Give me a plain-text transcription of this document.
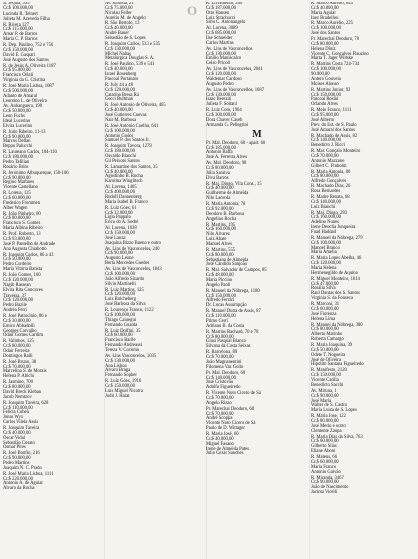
O
Jt. Jequiá, 535
Cr.$ 100.000,00
Lucinda R. Teinert
Julieta M. Azevedo Filha
R. Rivera 127
Cr.$ 115.000,00
Arnar P. de Barros
Maria C. P. Barros
R. Dep. Paulino, 752 e 756
Cr.$ 150.000,00
David E. Gaspari
José Augusto dos Santos
R. de Jesús A. Oliveira 1187
Cr.$ 95.000,00
Francisco Orlali
Virginia da G. Cristina
R. José Maria Lisboa, 1087
Cr.$ 500.000,00
Adanto de Amaral
Leontino L. de Oliveira
Av. Anhanguera, 190
Cr.$ 50.000,00
Leon Fuchs
Ideal Lucerino
Elvira Lucerino
R. Julio Ribeiro, 11-13
Cr.$ 90.000,00
Marcos Dellan
Beppo Palucchi
R. Laureano Carlos, 104-110
Cr.$ 180.000,00
Pedro Tafilian
Rosário Brito
R. Jeronimo Albuquerque, 158-106
Cr.$ 90.000,00
Regino Martines
Vicente Castellano
R. Lorena, 125
Cr.$ 60.000,00
Frederico Frommen
Alber Wagen
R. João Pinheiro, 80
Cr.$ 80.000,00
Francisco S. Gomes
Maria Albina Ribeiro
R. Prof. Roberto, 13
Cr.$ 93.000,00
José P. Pantelho de Andrade
Ana Augusta Chiabotto
R. Joaquim Carlos, 86 a 43
Cr.$ 50.000,00
Pedro Cordeiro
Maria Vitória Batista
R. João Gomes, 160
Cr.$ 120.000,00
Nagib Rassean
Elvira Rita Goncaves
Travessa, 37
Cr.$ 120.000,00
Pedro Bazile
Andréa Ferri
R. José Patrocinio, 86 e
Cr.$ 30.000,00
Emico Abbadolli
Georges Carvalho
Odair Gomes Cardim
R. Valinhos, 125
Cr.$ 80.000,00
Odair Ferreira
Domingos Ralli
R. José Bruno, 38
Cr.$ 70.000,00
Marcelina S. de Morais
Helena P. Abichi
R. Jasmino, 700
Cr.$ 80.000,00
David Breck Kleban
Jacob Nemtzov
R. Joaquim Taveira, 628
Cr.$ 110.000,00
Felicia Cohen
Jonas Wyx
Carlos Vilela Assis
R. Joaquim Taveira
Cr.$ 40.000,00
Oscar Vidal
Sebastião Cosato
Osmar Pires
R. José Bonfin, 216
Cr.$ 90.000,00
Pedro Martins
Joaquim N. C. Prado
R. José Maria Lisboa, 1111
Cr.$ 220.000,00
Antonio A. de Aguiar
Alvaro da Rocha
Av. Juruena, 21
Cr.$ 75.000,00
Nicolau Feller
Aurelio M. de Angelo
R. São Bertolo, 13
Cr.$ 40.000,00
André Bauer
Sebastião de S. Lopes
R. Joaquim Carlos, 533 e 535
Cr.$ 130.000,00
Michel Nahas
Metalurgica Douglas S. A.
R. José Paulino, 539 e 541
Cr.$ 40.000,00
Israel Rosenberg
Pascoal Portanaro
R. July 44 a 48
Cr.$ 120.000,00
Catarina Bresa Rá
Gecci Bultman
R. José Antonio de Oliveira, 465
Cr.$ 40.000,00
José Gutierrez Cuevas
Nair M. Barbosa
R. José Antonio Coelho, 641
Cr.$ 100.000,00
Antonio Godoi
Samuel P. dos Santos Jr.
R. Joaquim Tavora, 1279
Cr.$ 180.000,00
Osvaldo Bianchi
Gil Peixoto Santos
R. Lamartine dos Santos, 35
Cr.$ 40.000,00
Agostinho B. Rocha
Karolina Winglitsch
Al. Lorena, 1405
Cr.$ 400.000,00
Rudolf Dannenberg
Maria Isabel B. Franco
R. Luiz Góes, 61
Cr.$ 33.000,00
Ligia Pappalo
Erico do A. Sodré
Al. Lorena, 1038
Cr.$ 150.000,00
José Lanza
Joaquina Bizzo Bueno e outro
Av. Lins de Vasconcelos, 240
Cr.$ 90.000,00
Augusto Leone
Berta Mercedes Guedes
Av. Lins de Vasconcelos, 1843
Cr.$ 100.000,00
João Alfredo Sizardo
Silvio Martinelli
R. Luiz Martins, 125
Cr.$ 120.000,00
Luiz Bolcheberg
José Barbosa da Silva
R. Lourenço Franco, 1122
Cr.$ 100.000,00
Thiago Caiuegui
Fernando Guarda
R. Luiz Dolfini, 35
Cr.$ 60.000,00
Francisco Barile
Fernando Andreassi
Tereza V. Cocomo
Av. Lins Vasconcelos, 1035
Cr.$ 130.000,00
Ana Lisboa
Alvaro Braga
Fernando Sopher
R. Luiz Góes, 1916
Cr.$ 150.000,00
Luis Miguel Nicotra
Judit J. Haiat
R. Livramento, 200
Cr.$ 187.000,00
Otto Hansen
Luiz Strachucci
Sirio C. Antonangelo
Al. Lorena, 3089
Cr.$ 685.000,00
Ilse Schneider
Carlos Martins
Av. Lins de Vasconcellos
Cr.$ 130.000,00
Emílio Maniscalco
Celso Pricoli
Av. Lins de Vasconcelos, 2041
Cr.$ 120.000,00
Waldemar Cardoso
Augusto Pedro
Av. Lins de Vasconcellos, 1687
Cr.$ 130.000,00
Isaac Berezin
Julieta F. Soltani
R. Luiz Coto, 1964
Cr.$ 300.000,00
Dora Chaver Caseb
Armanda G. Pellegrini
M
Pr. Mal. Deodoro, 60 - apart. 60
Cr.$ 185.000,00
Antonio Baffa
José A. Ferreira Alves
Av. Mal. Deodoro, 98
Cr.$ 80.000,00
Júlia Saraiva
Diva Barros
R. Maj. Diogo, Vila Cons., 15
Cr.$ 40.000,00
Guilherme de Almeida
Nilo Lacerda
R. Maria Antonia, 78
Cr.$ 92.000,00
Deodoro B. Barbosa
Angelino Rocha
R. Martins, 195
Cr.$ 160.000,00
Nilo Alvarez
Luiz Abate
Manuel Alves
R. Martins, 555
Cr.$ 80.000,00
Sebastiana de Almeida
José Cândido Sanjoão
R. Mal. Salvador de Campos, 85
Cr.$ 48.000,00
Maria Piccino
Angelo Paoli
R. Manuel da Nóbrega, 1180
Cr.$ 150.000,00
Alfredo Ferrari
Dr. Lucas Assumpção
R. Manuel Dutra de Assis, 87
Cr.$ 110.000,00
Primo Cerri
Adriano B. da Costa
R. Martins Bachard, 70 e 78
Cr.$ 80.000,00
Giusi Pasqual Bianco
Silvana da Costa Seixas
R. Barcelona, 89
Cr.$ 70.000,00
João Magnanentini
Filomena Vaz Gollo
Pr. Mal. Deodoro, 60
Cr.$ 140.000,00
José Cristovão
Adolfo Figueiredo
R. Vicente Noto Cicero de Sá
Cr.$ 70.000,00
Angelo Rizzo
Pr. Marechal Deodoro, 60
Cr.$ 70.000,00
André Scoppa
Vicente Noto Cicero de Sá
Paulo de D. Wittager
R. Maria José, 60
Cr.$ 40.000,00
Miguel Fasano
Irene de Almeida Pates
Julio Cezar Sanches
R. Marco Aurélio, 645
Cr.$ 40.000,00
Maria Aguiar
Inez Bradellou
R. Marco Aurelio, 225
Cr.$ 100.000,00
José dos Santos
Pr. Marechal Deodoro, 70
Cr.$ 80.000,00
Helena Diniz
Vicente C. Gonçalves Flauzino
Marta T. Jager Wiltske
R. Martins Costa 724-734
Cr.$ 100.000,00
90.000,00
Antero Gouveia
Moises Alonso
R. Martins Junior, 93
Cr.$ 150.000,00
Pascoal Rosini
Orlando Alves
R. Melo Franco, 1111
Cr.$ 95.000,00
José Alberto
Prev. do Est. de S. Paulo
José Amaral dos Santos
R. Machado de Assis, 82
Cr.$ 140.000,00
Benedicto J. Ricci
R. Mar. Gonçalo Monteiro
Cr.$ 70.000,00
Antonio Mazzone
Gilbert C. Finholm
R. Maria Antonia, 80
Cr.$ 80.000,00
Alfredo Gonçalves
R. Machado Dias, 26
Rosa Bernardes
R. Madre Renata, 68
Cr.$ 140.000,00
Luiz Bianchi
R. Maj. Diogo, 283
Cr.$ 160.000,00
Adelino Nunes
Irene Deoclia Junqueira
Fuad Haddad
R. Manoel da Nóbrega, 279
Cr.$ 100.000,00
Manoel Branco
Maria Amelia
R. Maria Lopes Abelha, 46
Cr.$ 120.000,00
Maria Helena
Hermenegildo de Aquino
R. Miguel Monteiro, 1014
Cr.$ 47.000,00
Rosália Silva
Raul Dantas dos S. Santos
Virginia S. da Fonseca
R. Marconi, 31
Cr.$ 60.000,00
José Fiorenza
Helena Lima
R. Manuel da Nóbrega, 380
Cr.$ 80.000,00
Alberto Marinho
Roberta Camargo
R. Maria Joaquina, 39
Cr.$ 50.000,00
Odete T. Nogueira
José de Oliveira
Hipolito Santana Figueiredo
R. Manifesto, 2120
Cr.$ 150.000,00
Vicente Catilla
Benedicto Sacchi
Av. Miruna, 1
Cr.$ 90.000,00
José Maria
Walter de S. Castro
Maria Luiza de S. Lopes
R. Maria Jose, 122
Cr.$ 80.000,00
José Merlo e outro
Clemente Zaupa
R. Maria Dias da Silva, 763
Cr.$ 60.000,00
Gilberto Silas
Eliane Aboni
R. Mateus, 66
Cr.$ 60.000,00
Maria Franco
Antonio Gaivão
R. Miranda, 3467
Cr.$ 90.000,00
João de Nascimento
Jacinta Vicelli
